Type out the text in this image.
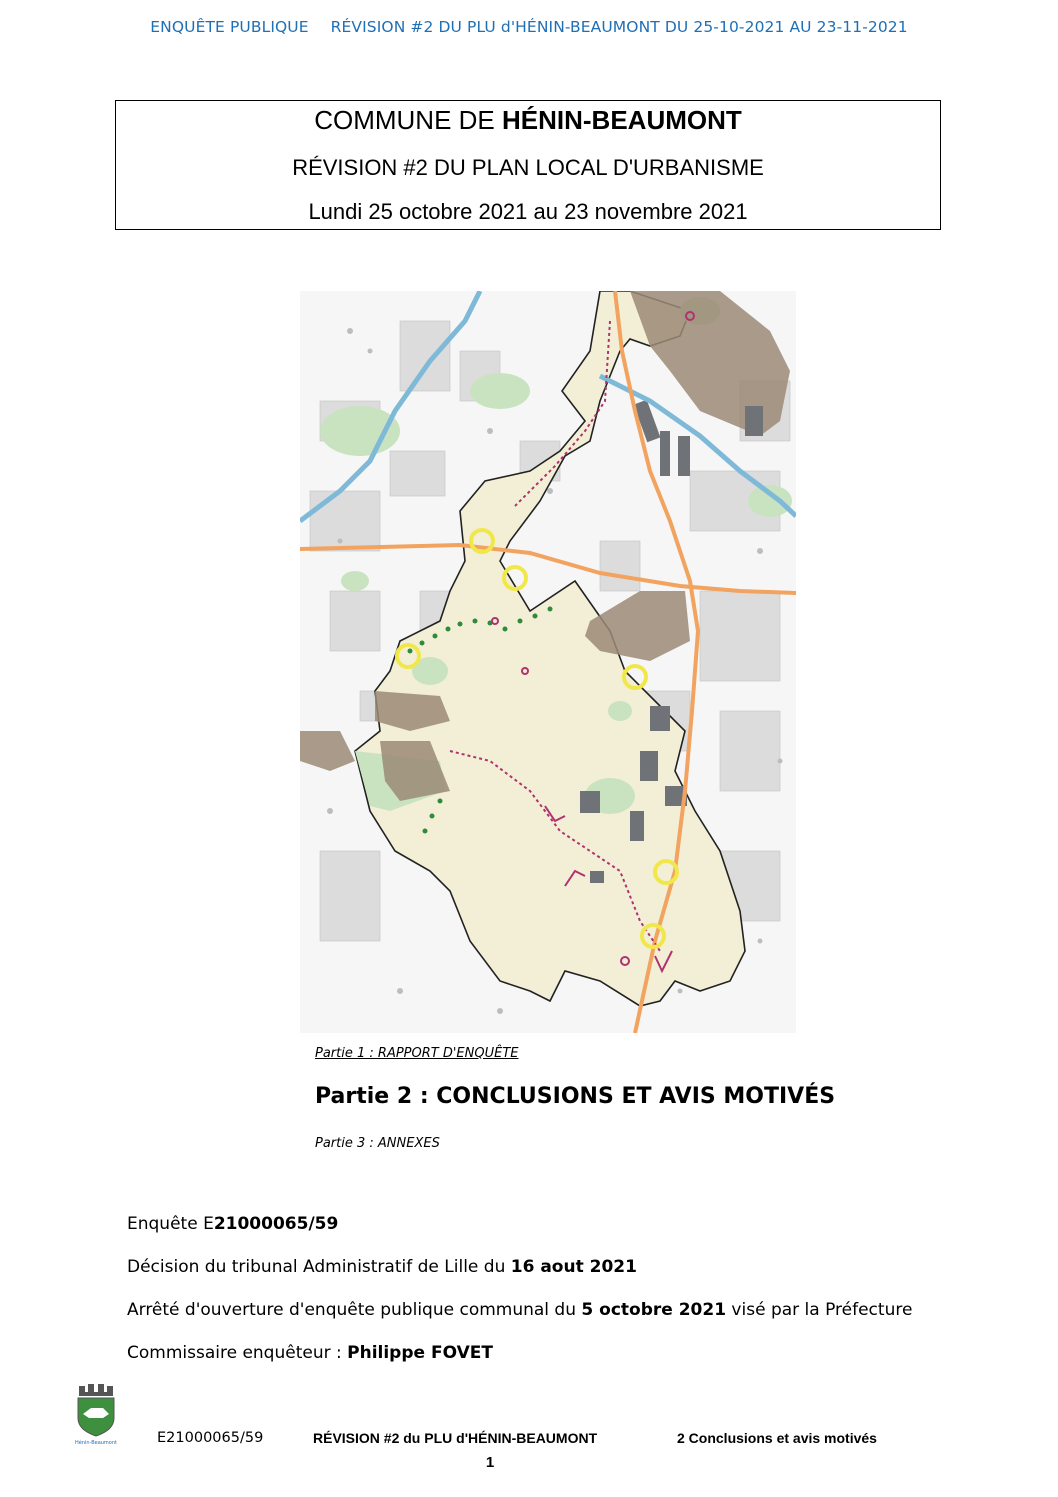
ENQUÊTE PUBLIQUE RÉVISION #2 DU PLU d'HÉNIN-BEAUMONT DU 25-10-2021 AU 23-11-2021
COMMUNE DE HÉNIN-BEAUMONT
RÉVISION #2 DU PLAN LOCAL D'URBANISME
Lundi 25 octobre 2021 au 23 novembre 2021
Partie 1 : RAPPORT D'ENQUÊTE
Partie 2 : CONCLUSIONS ET AVIS MOTIVÉS
Partie 3 : ANNEXES
Enquête E21000065/59
Décision du tribunal Administratif de Lille du 16 aout 2021
Arrêté d'ouverture d'enquête publique communal du 5 octobre 2021 visé par la Préfecture
Commissaire enquêteur : Philippe FOVET
Hénin-Beaumont	E21000065/59	RÉVISION #2 du PLU d'HÉNIN-BEAUMONT	2 Conclusions et avis motivés
1
